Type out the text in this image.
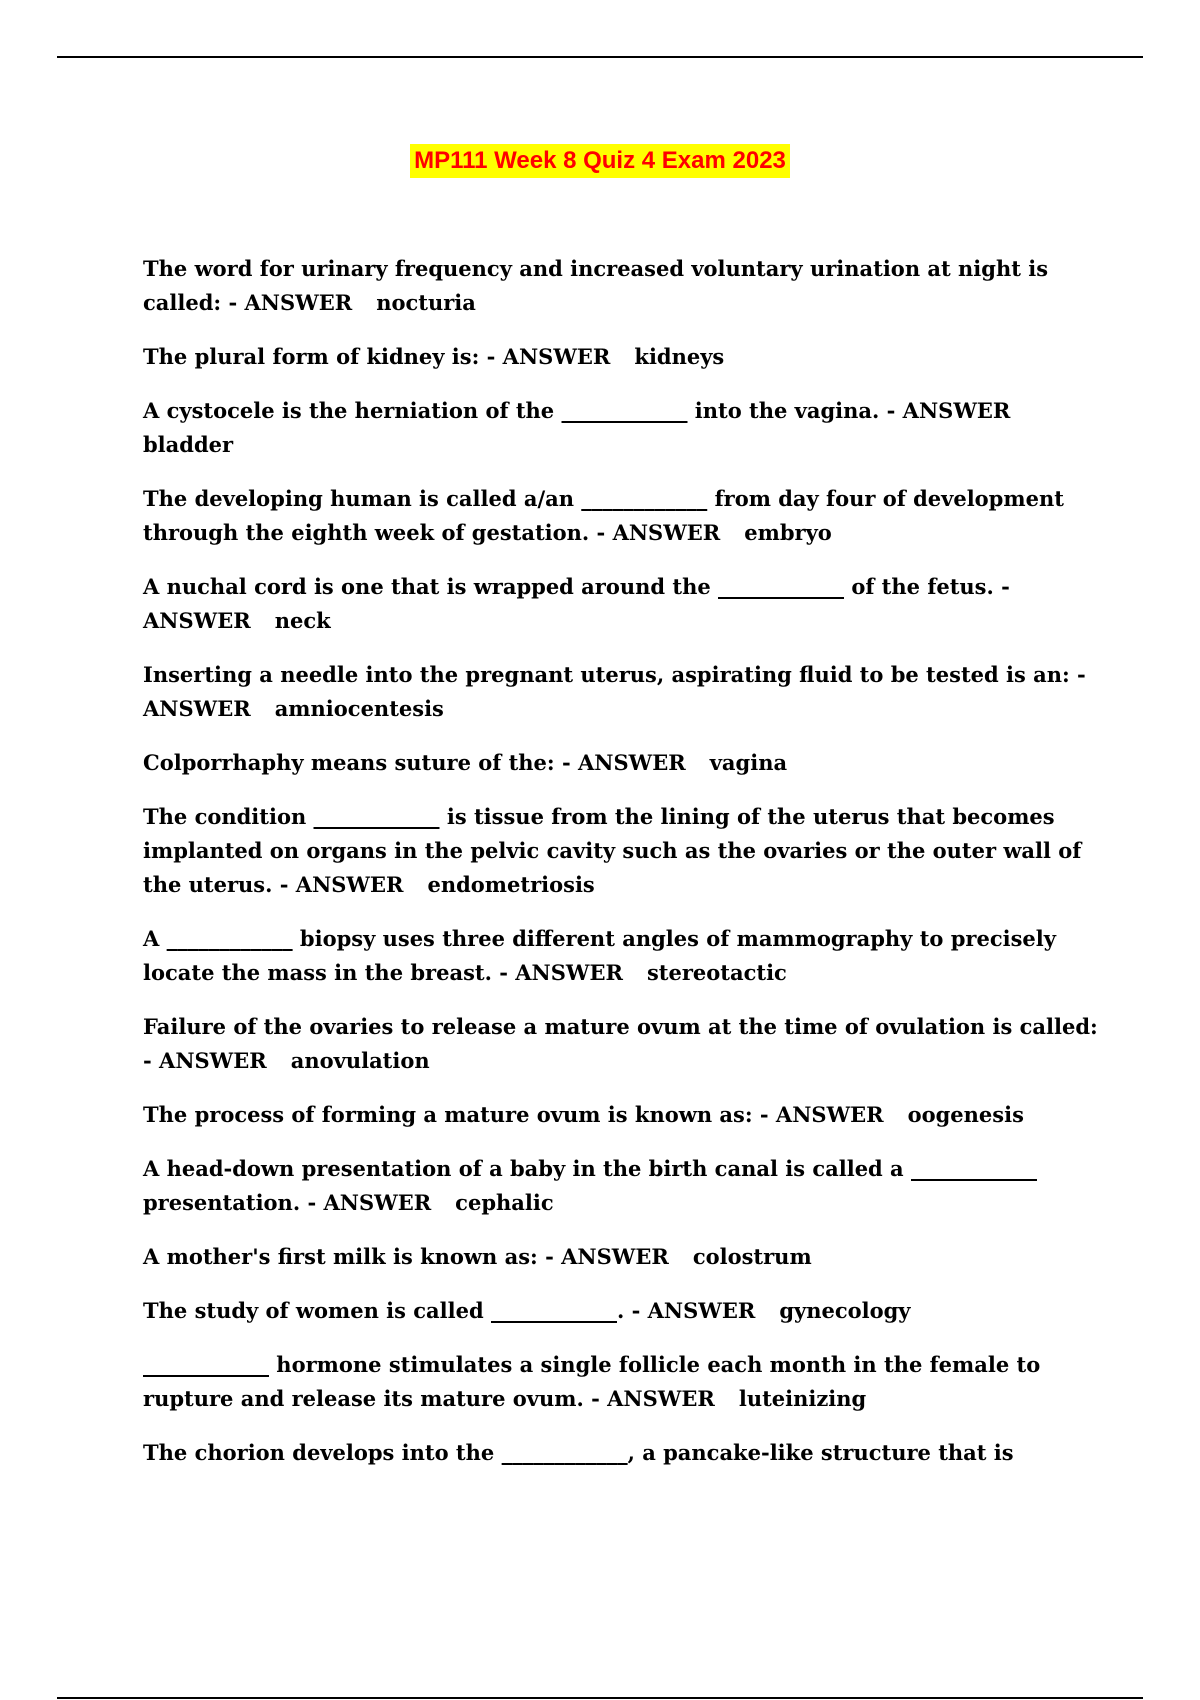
MP111 Week 8 Quiz 4 Exam 2023
The word for urinary frequency and increased voluntary urination at night is called: - ANSWER nocturia
The plural form of kidney is: - ANSWER kidneys
A cystocele is the herniation of the ____________ into the vagina. - ANSWER bladder
The developing human is called a/an ____________ from day four of development through the eighth week of gestation. - ANSWER embryo
A nuchal cord is one that is wrapped around the ____________ of the fetus. - ANSWER neck
Inserting a needle into the pregnant uterus, aspirating fluid to be tested is an: - ANSWER amniocentesis
Colporrhaphy means suture of the: - ANSWER vagina
The condition ____________ is tissue from the lining of the uterus that becomes implanted on organs in the pelvic cavity such as the ovaries or the outer wall of the uterus. - ANSWER endometriosis
A ____________ biopsy uses three different angles of mammography to precisely locate the mass in the breast. - ANSWER stereotactic
Failure of the ovaries to release a mature ovum at the time of ovulation is called: - ANSWER anovulation
The process of forming a mature ovum is known as: - ANSWER oogenesis
A head-down presentation of a baby in the birth canal is called a ____________ presentation. - ANSWER cephalic
A mother's first milk is known as: - ANSWER colostrum
The study of women is called ____________. - ANSWER gynecology
____________ hormone stimulates a single follicle each month in the female to rupture and release its mature ovum. - ANSWER luteinizing
The chorion develops into the ____________, a pancake-like structure that is
